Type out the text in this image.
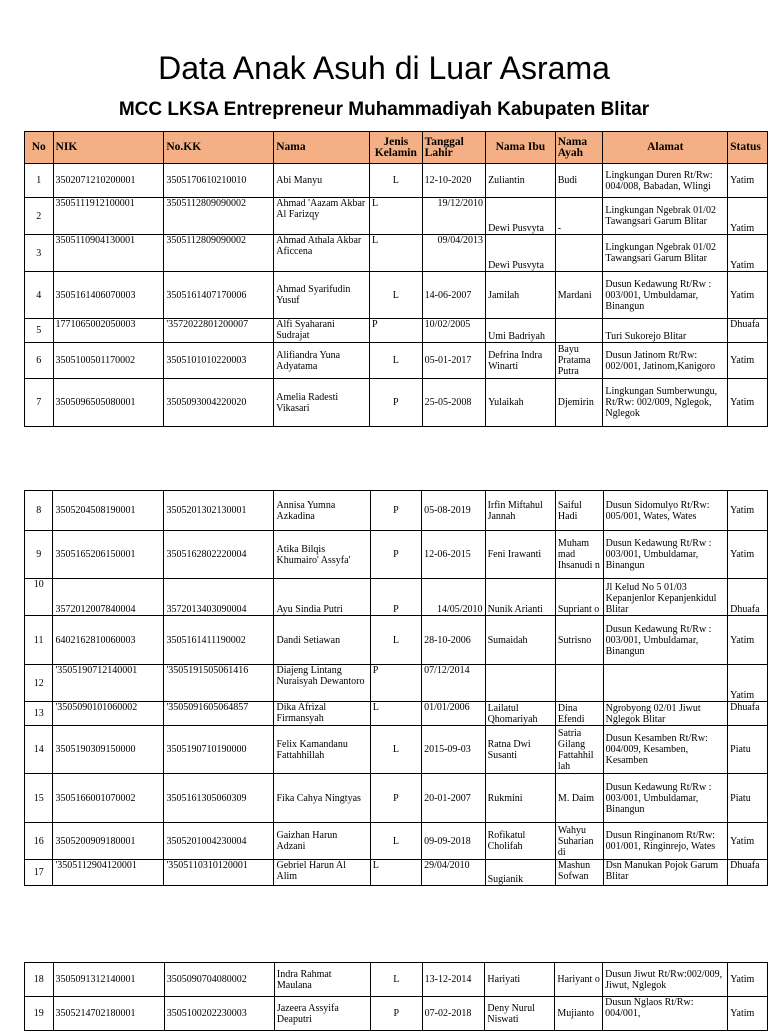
Data Anak Asuh di Luar Asrama
MCC LKSA Entrepreneur Muhammadiyah Kabupaten Blitar
No	NIK	No.KK	Nama	Jenis Kelamin	Tanggal Lahir	Nama Ibu	Nama Ayah	Alamat	Status
1	3502071210200001	3505170610210010	Abi Manyu	L	12-10-2020	Zuliantin	Budi	Lingkungan Duren Rt/Rw: 004/008, Babadan, Wlingi	Yatim
2	3505111912100001	3505112809090002	Ahmad 'Aazam Akbar Al Farizqy	L	19/12/2010	Dewi Pusvyta	-	Lingkungan Ngebrak 01/02 Tawangsari Garum Blitar	Yatim
3	3505110904130001	3505112809090002	Ahmad Athala Akbar Aficcena	L	09/04/2013	Dewi Pusvyta		Lingkungan Ngebrak 01/02 Tawangsari Garum Blitar	Yatim
4	3505161406070003	3505161407170006	Ahmad Syarifudin Yusuf	L	14-06-2007	Jamilah	Mardani	Dusun Kedawung Rt/Rw : 003/001, Umbuldamar, Binangun	Yatim
5	1771065002050003	'3572022801200007	Alfi Syaharani Sudrajat	P	10/02/2005	Umi Badriyah		Turi Sukorejo Blitar	Dhuafa
6	3505100501170002	3505101010220003	Alifiandra Yuna Adyatama	L	05-01-2017	Defrina Indra Winarti	Bayu Pratama Putra	Dusun Jatinom Rt/Rw: 002/001, Jatinom,Kanigoro	Yatim
7	3505096505080001	3505093004220020	Amelia Radesti Vikasari	P	25-05-2008	Yulaikah	Djemirin	Lingkungan Sumberwungu, Rt/Rw: 002/009, Nglegok, Nglegok	Yatim
8	3505204508190001	3505201302130001	Annisa Yumna Azkadina	P	05-08-2019	Irfin Miftahul Jannah	Saiful Hadi	Dusun Sidomulyo Rt/Rw: 005/001, Wates, Wates	Yatim
9	3505165206150001	3505162802220004	Atika Bilqis Khumairo' Assyfa'	P	12-06-2015	Feni Irawanti	Muham mad Ihsanudi n	Dusun Kedawung Rt/Rw : 003/001, Umbuldamar, Binangun	Yatim
10	3572012007840004	3572013403090004	Ayu Sindia Putri	P	14/05/2010	Nunik Arianti	Supriant o	Jl Kelud No 5 01/03 Kepanjenlor Kepanjenkidul Blitar	Dhuafa
11	6402162810060003	3505161411190002	Dandi Setiawan	L	28-10-2006	Sumaidah	Sutrisno	Dusun Kedawung Rt/Rw : 003/001, Umbuldamar, Binangun	Yatim
12	'3505190712140001	'3505191505061416	Diajeng Lintang Nuraisyah Dewantoro	P	07/12/2014				Yatim
13	'3505090101060002	'3505091605064857	Dika Afrizal Firmansyah	L	01/01/2006	Lailatul Qhomariyah	Dina Efendi	Ngrobyong 02/01 Jiwut Nglegok Blitar	Dhuafa
14	3505190309150000	3505190710190000	Felix Kamandanu Fattahhillah	L	2015-09-03	Ratna Dwi Susanti	Satria Gilang Fattahhil lah	Dusun Kesamben Rt/Rw: 004/009, Kesamben, Kesamben	Piatu
15	3505166001070002	3505161305060309	Fika Cahya Ningtyas	P	20-01-2007	Rukmini	M. Daim	Dusun Kedawung Rt/Rw : 003/001, Umbuldamar, Binangun	Piatu
16	3505200909180001	3505201004230004	Gaizhan Harun Adzani	L	09-09-2018	Rofikatul Cholifah	Wahyu Suharian di	Dusun Ringinanom Rt/Rw: 001/001, Ringinrejo, Wates	Yatim
17	'3505112904120001	'3505110310120001	Gebriel Harun Al Alim	L	29/04/2010	Sugianik	Mashun Sofwan	Dsn Manukan Pojok Garum Blitar	Dhuafa
18	3505091312140001	3505090704080002	Indra Rahmat Maulana	L	13-12-2014	Hariyati	Hariyant o	Dusun Jiwut Rt/Rw:002/009, Jiwut, Nglegok	Yatim
19	3505214702180001	3505100202230003	Jazeera Assyifa Deaputri	P	07-02-2018	Deny Nurul Niswati	Mujianto	Dusun Nglaos Rt/Rw: 004/001,	Yatim
